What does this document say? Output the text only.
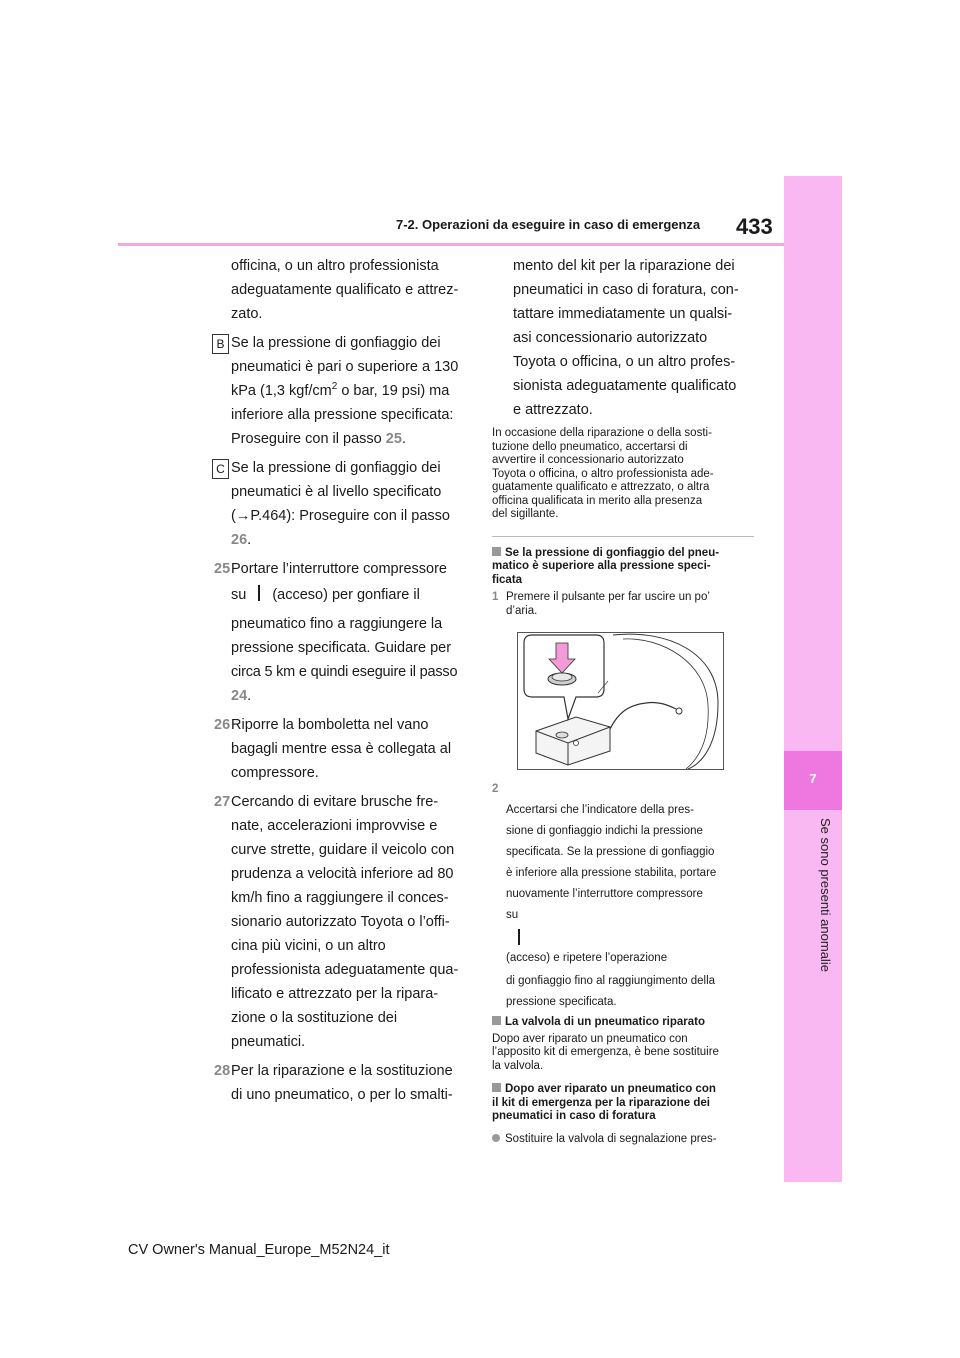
7-2. Operazioni da eseguire in caso di emergenza 433
7
Se sono presenti anomalie
officina, o un altro professionista
adeguatamente qualificato e attrez-
zato.
B Se la pressione di gonfiaggio dei
pneumatici è pari o superiore a 130
kPa (1,3 kgf/$cm^2$ o bar, 19 psi) ma
inferiore alla pressione specificata:
Proseguire con il passo 25.
C Se la pressione di gonfiaggio dei
pneumatici è al livello specificato
(→P.464): Proseguire con il passo
26.
25Portare l’interruttore compressore
su (acceso) per gonfiare il
pneumatico fino a raggiungere la
pressione specificata. Guidare per
circa 5 km e quindi eseguire il passo
24.
26Riporre la bomboletta nel vano
bagagli mentre essa è collegata al
compressore.
27Cercando di evitare brusche fre-
nate, accelerazioni improvvise e
curve strette, guidare il veicolo con
prudenza a velocità inferiore ad 80
km/h fino a raggiungere il conces-
sionario autorizzato Toyota o l’offi-
cina più vicini, o un altro
professionista adeguatamente qua-
lificato e attrezzato per la ripara-
zione o la sostituzione dei
pneumatici.
28Per la riparazione e la sostituzione
di uno pneumatico, o per lo smalti-
mento del kit per la riparazione dei
pneumatici in caso di foratura, con-
tattare immediatamente un qualsi-
asi concessionario autorizzato
Toyota o officina, o un altro profes-
sionista adeguatamente qualificato
e attrezzato.

In occasione della riparazione o della sosti-

tuzione dello pneumatico, accertarsi di

avvertire il concessionario autorizzato

Toyota o officina, o altro professionista ade-

guatamente qualificato e attrezzato, o altra

officina qualificata in merito alla presenza

del sigillante.

Se la pressione di gonfiaggio del pneu-
matico è superiore alla pressione speci-
ficata

1 Premere il pulsante per far uscire un po’

d’aria.

2
Accertarsi che l’indicatore della pres-
sione di gonfiaggio indichi la pressione
specificata. Se la pressione di gonfiaggio
è inferiore alla pressione stabilita, portare
nuovamente l’interruttore compressore
su
(acceso) e ripetere l’operazione
di gonfiaggio fino al raggiungimento della
pressione specificata.
La valvola di un pneumatico riparato

Dopo aver riparato un pneumatico con

l’apposito kit di emergenza, è bene sostituire

la valvola.

Dopo aver riparato un pneumatico con
il kit di emergenza per la riparazione dei
pneumatici in caso di foratura

Sostituire la valvola di segnalazione pres-

CV Owner's Manual_Europe_M52N24_it
